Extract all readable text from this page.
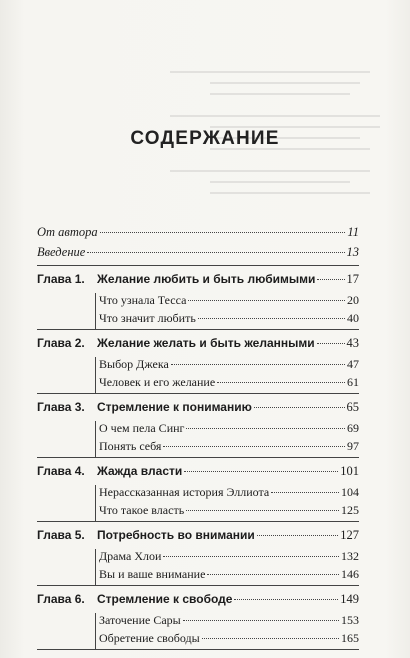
СОДЕРЖАНИЕ
От автора	11
Введение	13
Глава 1.	Желание любить и быть любимыми 17
Что узнала Тесса	20
Что значит любить	40
Глава 2.	Желание желать и быть желанными	43
Выбор Джека	47
Человек и его желание	61
Глава 3.	Стремление к пониманию	65
О чем пела Синг	69
Понять себя	97
Глава 4.	Жажда власти	101
Нерассказанная история Эллиота	104
Что такое власть	125
Глава 5.	Потребность во внимании	127
Драма Хлои	132
Вы и ваше внимание	146
Глава 6.	Стремление к свободе	149
Заточение Сары	153
Обретение свободы	165
